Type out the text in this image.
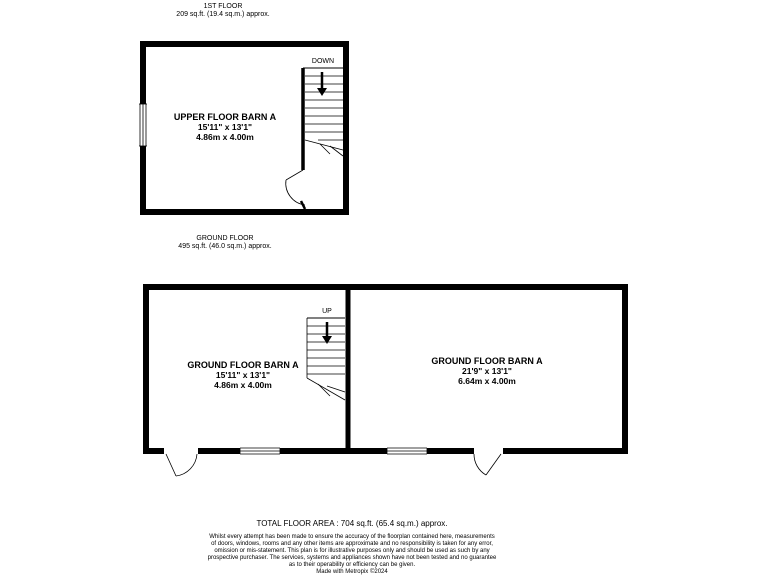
1ST FLOOR
209 sq.ft. (19.4 sq.m.) approx.
DOWN
UPPER FLOOR BARN A
15'11" x 13'1"
4.86m x 4.00m
GROUND FLOOR
495 sq.ft. (46.0 sq.m.) approx.
UP
GROUND FLOOR BARN A
15'11" x 13'1"
4.86m x 4.00m
GROUND FLOOR BARN A
21'9" x 13'1"
6.64m x 4.00m
TOTAL FLOOR AREA : 704 sq.ft. (65.4 sq.m.) approx.
Whilst every attempt has been made to ensure the accuracy of the floorplan contained here, measurements
of doors, windows, rooms and any other items are approximate and no responsibility is taken for any error,
omission or mis-statement. This plan is for illustrative purposes only and should be used as such by any
prospective purchaser. The services, systems and appliances shown have not been tested and no guarantee
as to their operability or efficiency can be given.
Made with Metropix ©2024
